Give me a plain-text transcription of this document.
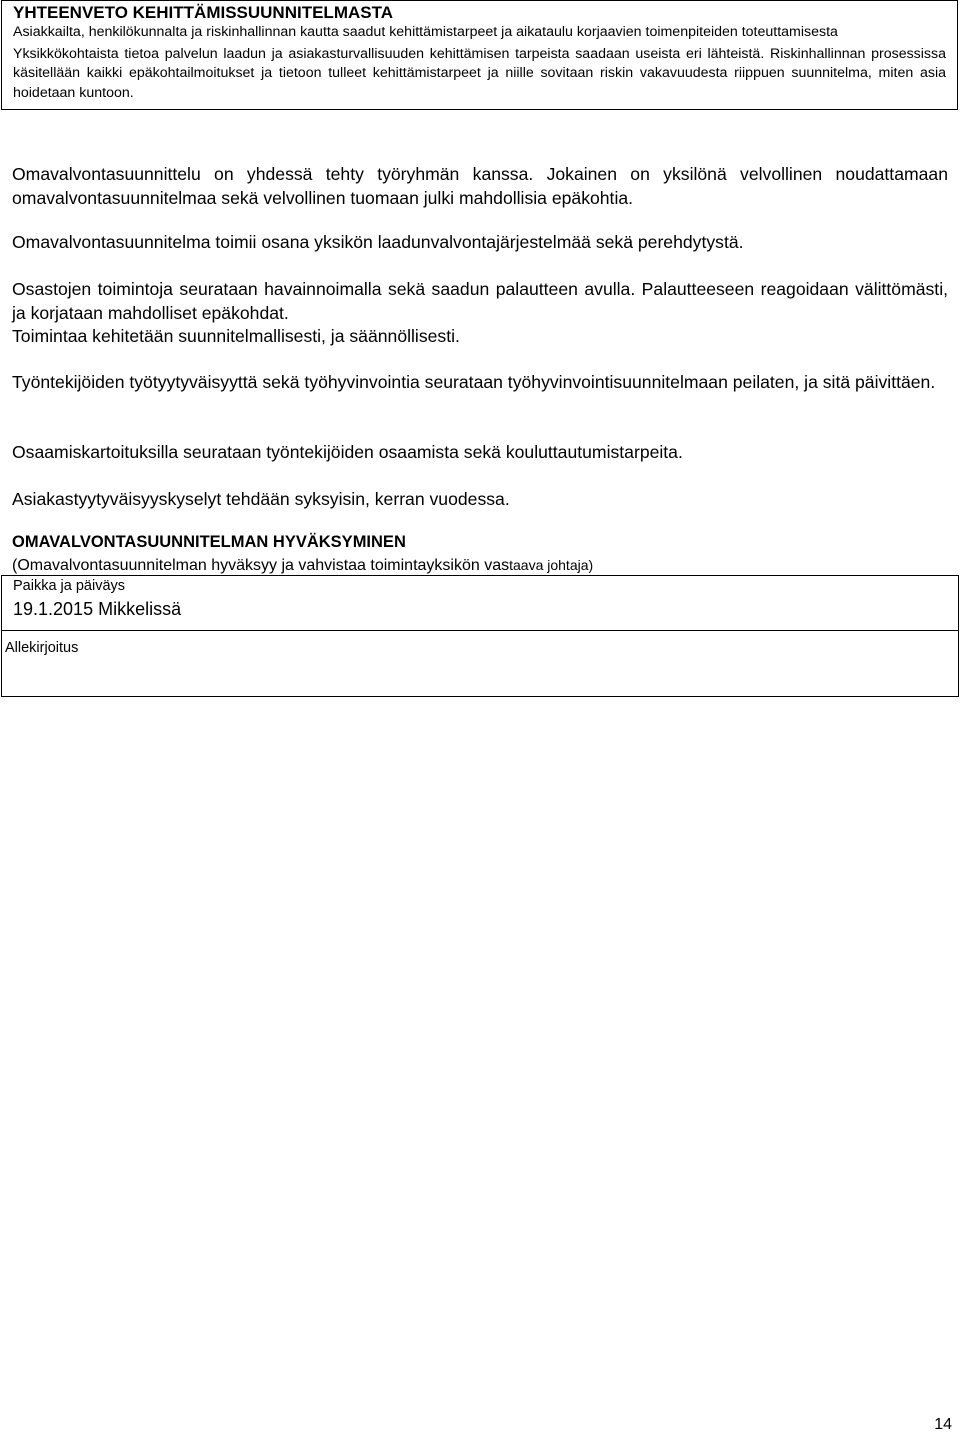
YHTEENVETO KEHITTÄMISSUUNNITELMASTA

Asiakkailta, henkilökunnalta ja riskinhallinnan kautta saadut kehittämistarpeet ja aikataulu korjaavien toimenpiteiden toteuttamisesta

Yksikkökohtaista tietoa palvelun laadun ja asiakasturvallisuuden kehittämisen tarpeista saadaan useista eri lähteistä. Riskinhallinnan prosessissa käsitellään kaikki epäkohtailmoitukset ja tietoon tulleet kehittämistarpeet ja niille sovitaan riskin vakavuudesta riippuen suunnitelma, miten asia hoidetaan kuntoon.

Omavalvontasuunnittelu on yhdessä tehty työryhmän kanssa. Jokainen on yksilönä velvollinen noudattamaan omavalvontasuunnitelmaa sekä velvollinen tuomaan julki mahdollisia epäkohtia.

Omavalvontasuunnitelma toimii osana yksikön laadunvalvontajärjestelmää sekä perehdytystä.

Osastojen toimintoja seurataan havainnoimalla sekä saadun palautteen avulla. Palautteeseen reagoidaan välittömästi, ja korjataan mahdolliset epäkohdat.

Toimintaa kehitetään suunnitelmallisesti, ja säännöllisesti.

Työntekijöiden työtyytyväisyyttä sekä työhyvinvointia seurataan työhyvinvointisuunnitelmaan peilaten, ja sitä päivittäen.

Osaamiskartoituksilla seurataan työntekijöiden osaamista sekä kouluttautumistarpeita.

Asiakastyytyväisyyskyselyt tehdään syksyisin, kerran vuodessa.

OMAVALVONTASUUNNITELMAN HYVÄKSYMINEN

(Omavalvontasuunnitelman hyväksyy ja vahvistaa toimintayksikön vastaava johtaja)

Paikka ja päiväys
19.1.2015 Mikkelissä
Allekirjoitus
14
